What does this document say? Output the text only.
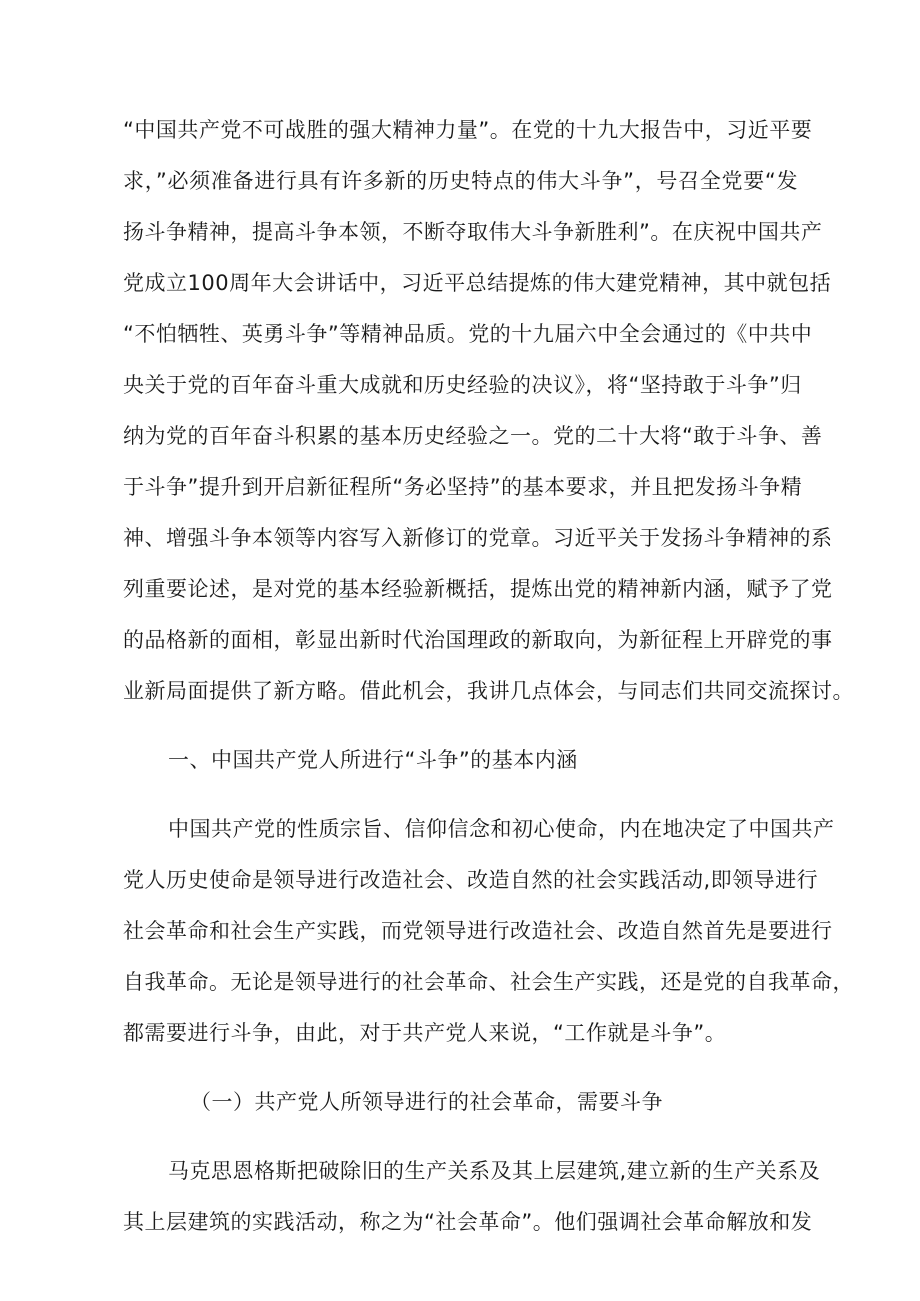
“中国共产党不可战胜的强大精神力量”。在党的十九大报告中，习近平要
求，”必须准备进行具有许多新的历史特点的伟大斗争”，号召全党要“发
扬斗争精神，提高斗争本领，不断夺取伟大斗争新胜利”。在庆祝中国共产
党成立100周年大会讲话中，习近平总结提炼的伟大建党精神，其中就包括
“不怕牺牲、英勇斗争”等精神品质。党的十九届六中全会通过的《中共中
央关于党的百年奋斗重大成就和历史经验的决议》，将“坚持敢于斗争”归
纳为党的百年奋斗积累的基本历史经验之一。党的二十大将“敢于斗争、善
于斗争”提升到开启新征程所“务必坚持”的基本要求，并且把发扬斗争精
神、增强斗争本领等内容写入新修订的党章。习近平关于发扬斗争精神的系
列重要论述，是对党的基本经验新概括，提炼出党的精神新内涵，赋予了党
的品格新的面相，彰显出新时代治国理政的新取向，为新征程上开辟党的事
业新局面提供了新方略。借此机会，我讲几点体会，与同志们共同交流探讨。
一、中国共产党人所进行“斗争”的基本内涵
中国共产党的性质宗旨、信仰信念和初心使命，内在地决定了中国共产
党人历史使命是领导进行改造社会、改造自然的社会实践活动,即领导进行
社会革命和社会生产实践，而党领导进行改造社会、改造自然首先是要进行
自我革命。无论是领导进行的社会革命、社会生产实践，还是党的自我革命，
都需要进行斗争，由此，对于共产党人来说，“工作就是斗争”。
（一）共产党人所领导进行的社会革命，需要斗争
马克思恩格斯把破除旧的生产关系及其上层建筑,建立新的生产关系及
其上层建筑的实践活动，称之为“社会革命”。他们强调社会革命解放和发
